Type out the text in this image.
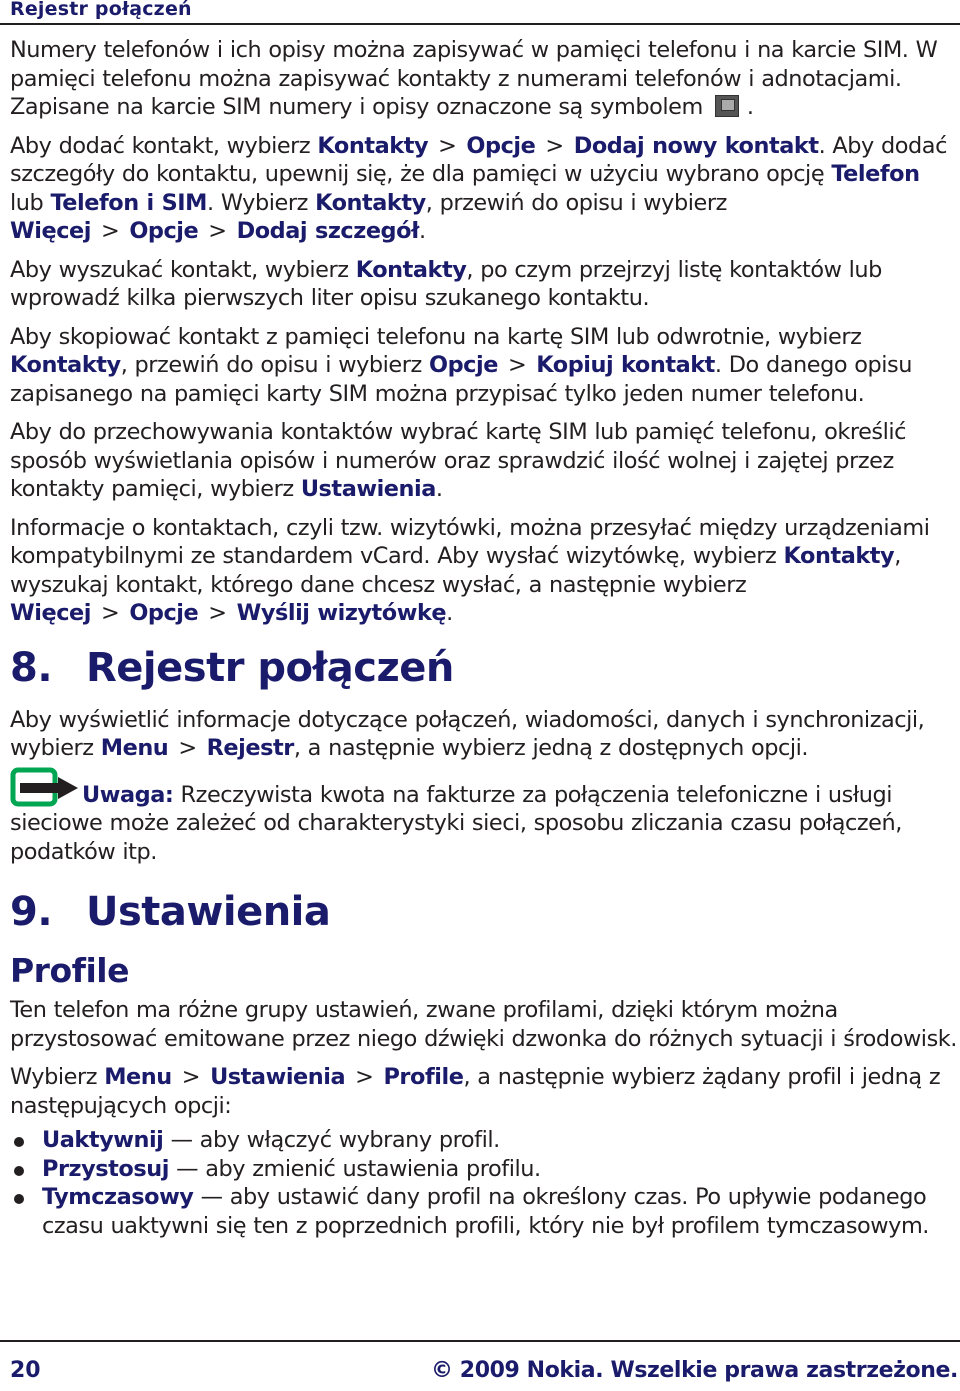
Rejestr połączeń

Numery telefonów i ich opisy można zapisywać w pamięci telefonu i na karcie SIM. W pamięci telefonu można zapisywać kontakty z numerami telefonów i adnotacjami. Zapisane na karcie SIM numery i opisy oznaczone są symbolem .

Aby dodać kontakt, wybierz Kontakty > Opcje > Dodaj nowy kontakt. Aby dodać szczegóły do kontaktu, upewnij się, że dla pamięci w użyciu wybrano opcję Telefon lub Telefon i SIM. Wybierz Kontakty, przewiń do opisu i wybierz Więcej > Opcje > Dodaj szczegół.

Aby wyszukać kontakt, wybierz Kontakty, po czym przejrzyj listę kontaktów lub wprowadź kilka pierwszych liter opisu szukanego kontaktu.

Aby skopiować kontakt z pamięci telefonu na kartę SIM lub odwrotnie, wybierz Kontakty, przewiń do opisu i wybierz Opcje > Kopiuj kontakt. Do danego opisu zapisanego na pamięci karty SIM można przypisać tylko jeden numer telefonu.

Aby do przechowywania kontaktów wybrać kartę SIM lub pamięć telefonu, określić sposób wyświetlania opisów i numerów oraz sprawdzić ilość wolnej i zajętej przez kontakty pamięci, wybierz Ustawienia.

Informacje o kontaktach, czyli tzw. wizytówki, można przesyłać między urządzeniami kompatybilnymi ze standardem vCard. Aby wysłać wizytówkę, wybierz Kontakty, wyszukaj kontakt, którego dane chcesz wysłać, a następnie wybierz Więcej > Opcje > Wyślij wizytówkę.

8. Rejestr połączeń

Aby wyświetlić informacje dotyczące połączeń, wiadomości, danych i synchronizacji, wybierz Menu > Rejestr, a następnie wybierz jedną z dostępnych opcji.

Uwaga: Rzeczywista kwota na fakturze za połączenia telefoniczne i usługi sieciowe może zależeć od charakterystyki sieci, sposobu zliczania czasu połączeń, podatków itp.

9. Ustawienia
Profile

Ten telefon ma różne grupy ustawień, zwane profilami, dzięki którym można przystosować emitowane przez niego dźwięki dzwonka do różnych sytuacji i środowisk.

Wybierz Menu > Ustawienia > Profile, a następnie wybierz żądany profil i jedną z następujących opcji:

Uaktywnij — aby włączyć wybrany profil.
Przystosuj — aby zmienić ustawienia profilu.
Tymczasowy — aby ustawić dany profil na określony czas. Po upływie podanego czasu uaktywni się ten z poprzednich profili, który nie był profilem tymczasowym.
20	© 2009 Nokia. Wszelkie prawa zastrzeżone.
